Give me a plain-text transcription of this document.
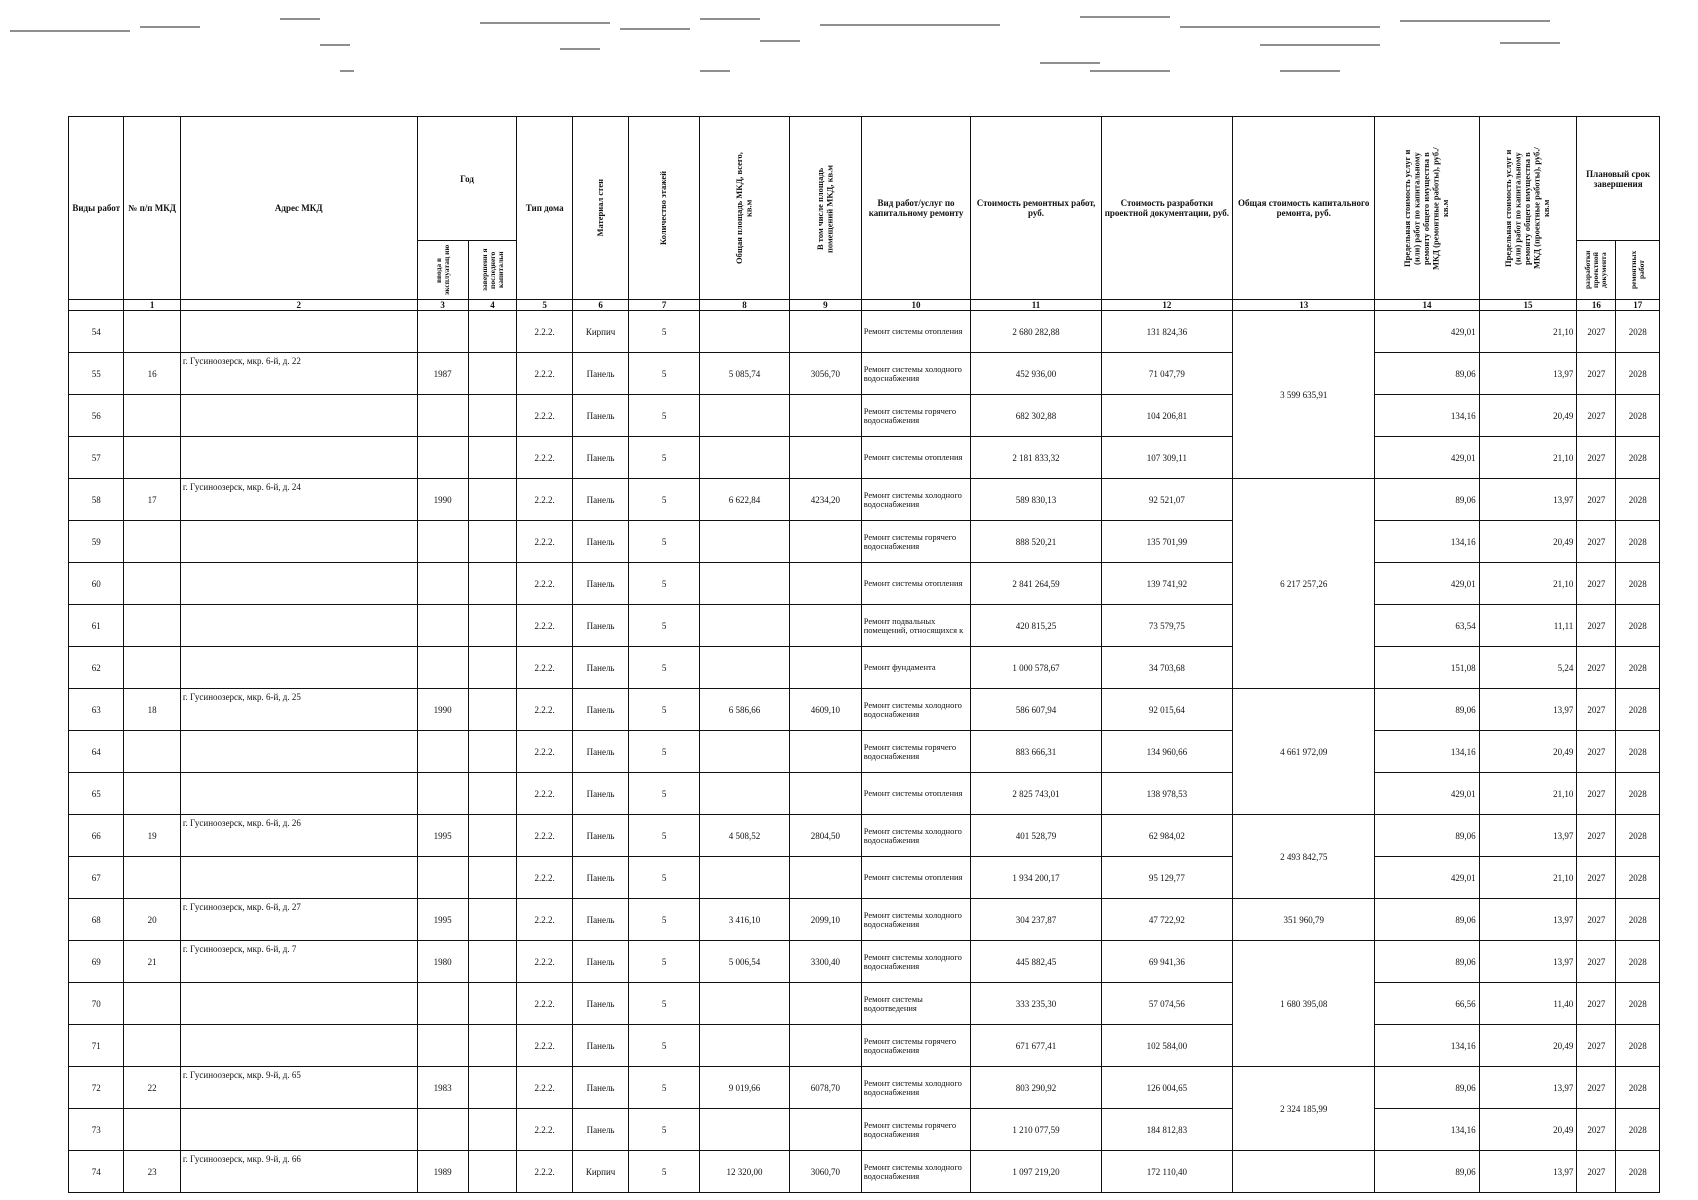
Виды работ	№ п/п МКД	Адрес МКД	Год		Тип дома	Материал стен	Количество этажей	Общая площадь МКД, всего, кв.м	В том числе площадь помещений МКД, кв.м	Вид работ/услуг по капитальному ремонту	Стоимость ремонтных работ, руб.	Стоимость разработки проектной документации, руб.	Общая стоимость капитального ремонта, руб.	Предельная стоимость услуг и (или) работ по капитальному ремонту общего имущества в МКД (ремонтные работы), руб./кв.м	Предельная стоимость услуг и (или) работ по капитальному ремонту общего имущества в МКД (проектные работы), руб./кв.м	Плановый срок завершения	

			ввода в эксплуатац ию	завершени я последнего капитальн												разработки проектной документа	ремонтных работ

	1	2	3	4	5	6	7	8	9	10	11	12	13	14	15	16	17
54					2.2.2.	Кирпич	5			Ремонт системы отопления	2 680 282,88	131 824,36	3 599 635,91	429,01	21,10	2027	2028
55	16	г. Гусиноозерск, мкр. 6-й, д. 22	1987		2.2.2.	Панель	5	5 085,74	3056,70	Ремонт системы холодного водоснабжения	452 936,00	71 047,79		89,06	13,97	2027	2028
56					2.2.2.	Панель	5			Ремонт системы горячего водоснабжения	682 302,88	104 206,81		134,16	20,49	2027	2028
57					2.2.2.	Панель	5			Ремонт системы отопления	2 181 833,32	107 309,11		429,01	21,10	2027	2028
58	17	г. Гусиноозерск, мкр. 6-й, д. 24	1990		2.2.2.	Панель	5	6 622,84	4234,20	Ремонт системы холодного водоснабжения	589 830,13	92 521,07	6 217 257,26	89,06	13,97	2027	2028
59					2.2.2.	Панель	5			Ремонт системы горячего водоснабжения	888 520,21	135 701,99		134,16	20,49	2027	2028
60					2.2.2.	Панель	5			Ремонт системы отопления	2 841 264,59	139 741,92		429,01	21,10	2027	2028
61					2.2.2.	Панель	5			Ремонт подвальных помещений, относящихся к	420 815,25	73 579,75		63,54	11,11	2027	2028
62					2.2.2.	Панель	5			Ремонт фундамента	1 000 578,67	34 703,68		151,08	5,24	2027	2028
63	18	г. Гусиноозерск, мкр. 6-й, д. 25	1990		2.2.2.	Панель	5	6 586,66	4609,10	Ремонт системы холодного водоснабжения	586 607,94	92 015,64	4 661 972,09	89,06	13,97	2027	2028
64					2.2.2.	Панель	5			Ремонт системы горячего водоснабжения	883 666,31	134 960,66		134,16	20,49	2027	2028
65					2.2.2.	Панель	5			Ремонт системы отопления	2 825 743,01	138 978,53		429,01	21,10	2027	2028
66	19	г. Гусиноозерск, мкр. 6-й, д. 26	1995		2.2.2.	Панель	5	4 508,52	2804,50	Ремонт системы холодного водоснабжения	401 528,79	62 984,02	2 493 842,75	89,06	13,97	2027	2028
67					2.2.2.	Панель	5			Ремонт системы отопления	1 934 200,17	95 129,77		429,01	21,10	2027	2028
68	20	г. Гусиноозерск, мкр. 6-й, д. 27	1995		2.2.2.	Панель	5	3 416,10	2099,10	Ремонт системы холодного водоснабжения	304 237,87	47 722,92	351 960,79	89,06	13,97	2027	2028
69	21	г. Гусиноозерск, мкр. 6-й, д. 7	1980		2.2.2.	Панель	5	5 006,54	3300,40	Ремонт системы холодного водоснабжения	445 882,45	69 941,36	1 680 395,08	89,06	13,97	2027	2028
70					2.2.2.	Панель	5			Ремонт системы водоотведения	333 235,30	57 074,56		66,56	11,40	2027	2028
71					2.2.2.	Панель	5			Ремонт системы горячего водоснабжения	671 677,41	102 584,00		134,16	20,49	2027	2028
72	22	г. Гусиноозерск, мкр. 9-й, д. 65	1983		2.2.2.	Панель	5	9 019,66	6078,70	Ремонт системы холодного водоснабжения	803 290,92	126 004,65	2 324 185,99	89,06	13,97	2027	2028
73					2.2.2.	Панель	5			Ремонт системы горячего водоснабжения	1 210 077,59	184 812,83		134,16	20,49	2027	2028
74	23	г. Гусиноозерск, мкр. 9-й, д. 66	1989		2.2.2.	Кирпич	5	12 320,00	3060,70	Ремонт системы холодного водоснабжения	1 097 219,20	172 110,40		89,06	13,97	2027	2028
